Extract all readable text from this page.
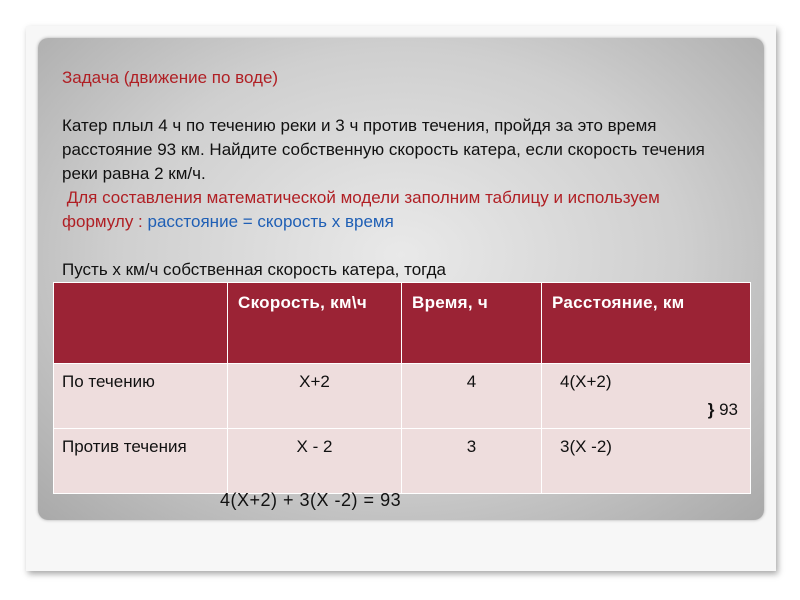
Задача (движение по воде)

Катер плыл 4 ч по течению реки и 3 ч против течения, пройдя за это время расстояние 93 км. Найдите собственную скорость катера, если скорость течения реки равна 2 км/ч.

Для составления математической модели заполним таблицу и используем формулу : расстояние = скорость х время

Пусть х км/ч собственная скорость катера, тогда

	Скорость, км\ч	Время, ч	Расстояние, км
По течению	Х+2	4	4(Х+2)
} 93

Против течения	Х - 2	3	3(Х -2)
4(Х+2) + 3(Х -2) = 93
